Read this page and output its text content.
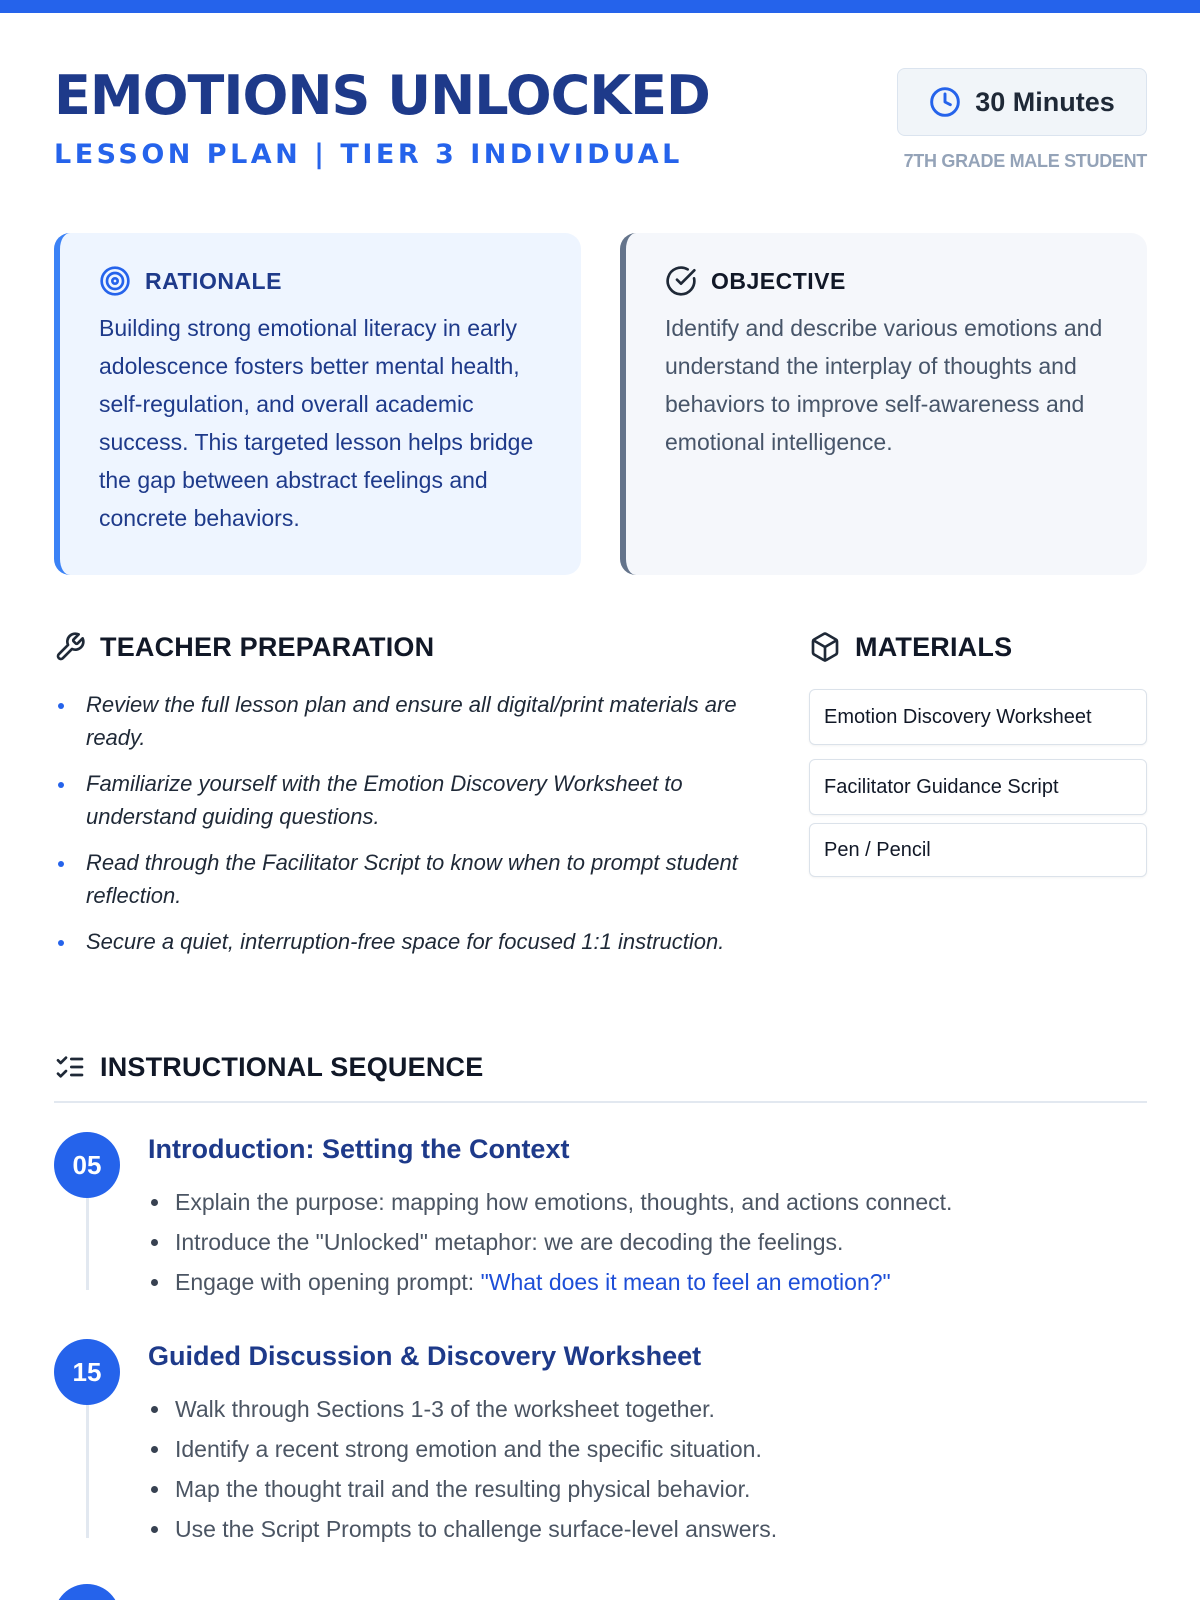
EMOTIONS UNLOCKED
LESSON PLAN | TIER 3 INDIVIDUAL
30 Minutes
7TH GRADE MALE STUDENT
RATIONALE

Building strong emotional literacy in early adolescence fosters better mental health, self-regulation, and overall academic success. This targeted lesson helps bridge the gap between abstract feelings and concrete behaviors.

OBJECTIVE

Identify and describe various emotions and understand the interplay of thoughts and behaviors to improve self-awareness and emotional intelligence.

TEACHER PREPARATION
Review the full lesson plan and ensure all digital/print materials are ready.
Familiarize yourself with the Emotion Discovery Worksheet to understand guiding questions.
Read through the Facilitator Script to know when to prompt student reflection.
Secure a quiet, interruption-free space for focused 1:1 instruction.
MATERIALS
Emotion Discovery Worksheet
Facilitator Guidance Script
Pen / Pencil
INSTRUCTIONAL SEQUENCE
05
Introduction: Setting the Context
Explain the purpose: mapping how emotions, thoughts, and actions connect.
Introduce the "Unlocked" metaphor: we are decoding the feelings.
Engage with opening prompt: "What does it mean to feel an emotion?"
15
Guided Discussion & Discovery Worksheet
Walk through Sections 1-3 of the worksheet together.
Identify a recent strong emotion and the specific situation.
Map the thought trail and the resulting physical behavior.
Use the Script Prompts to challenge surface-level answers.
